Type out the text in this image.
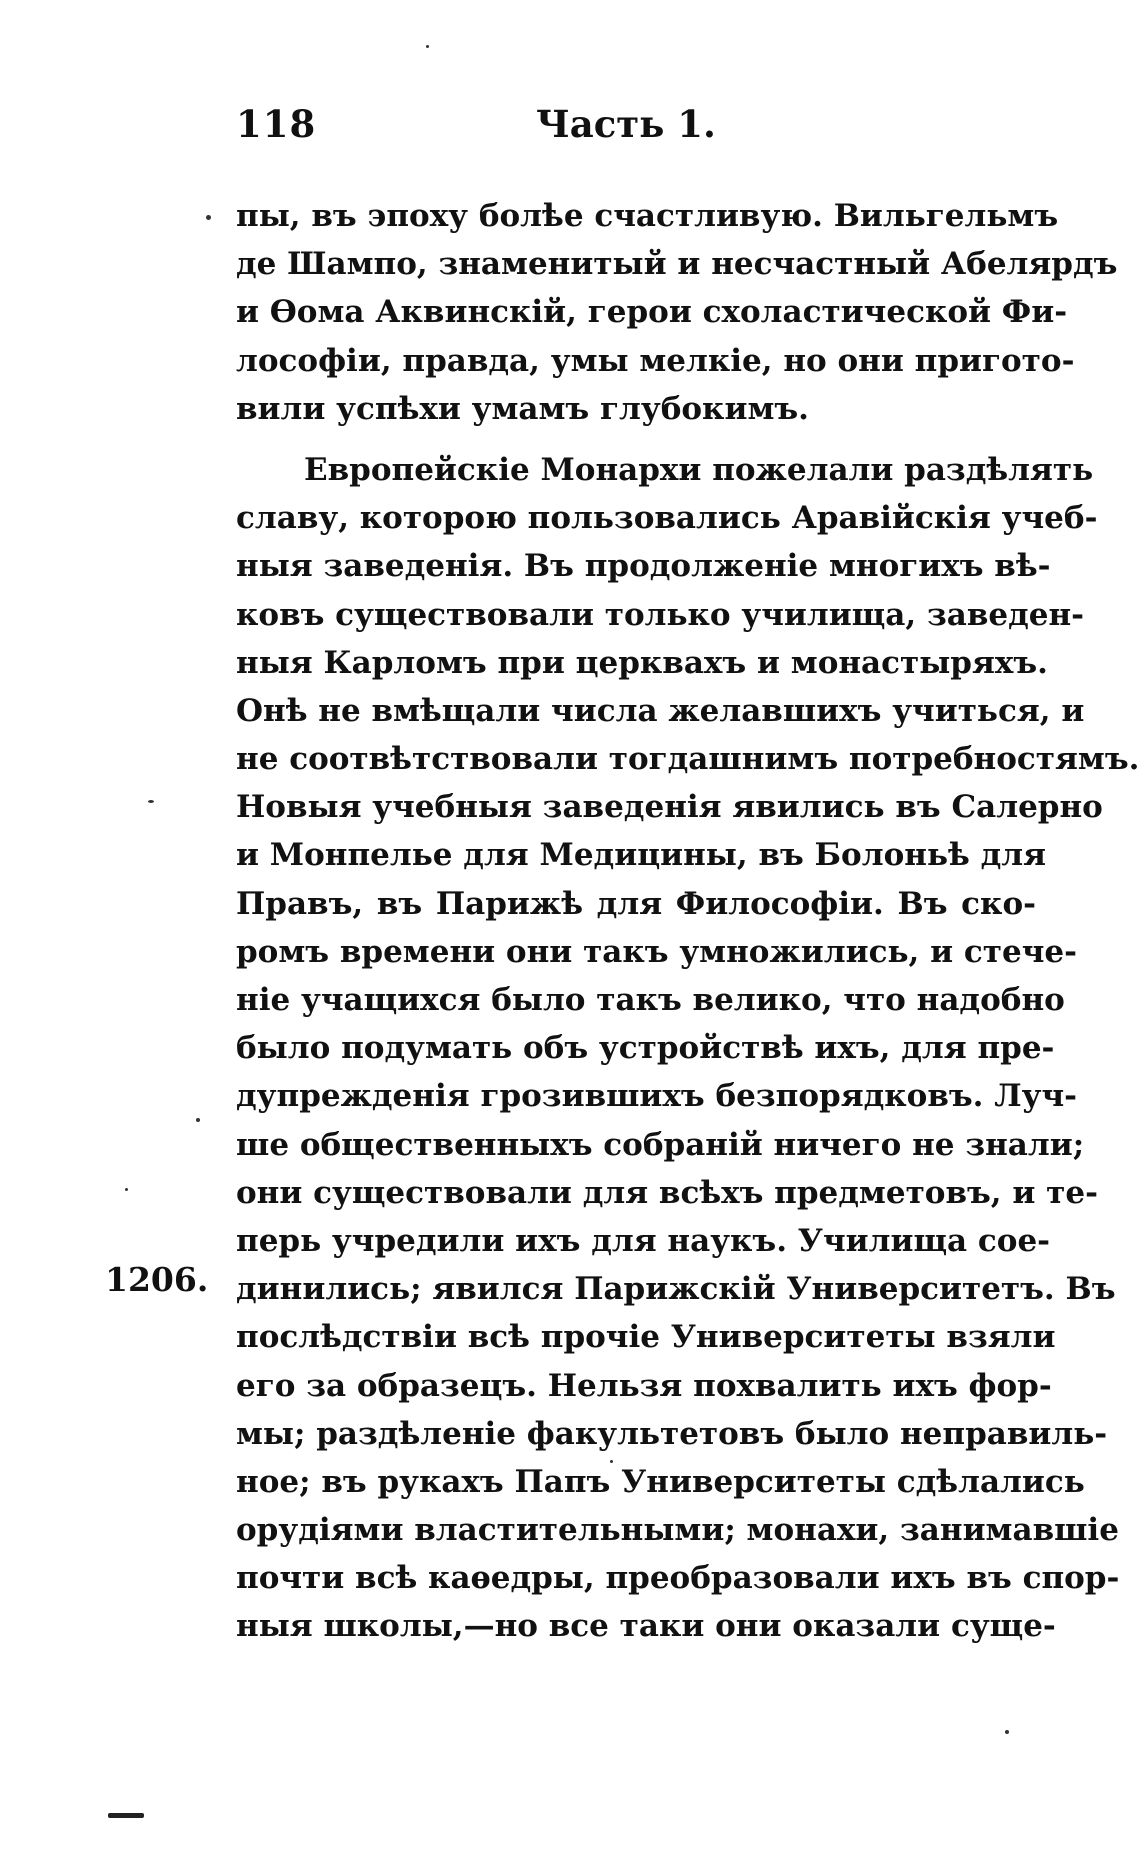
118	Часть 1.
1206.
пы, въ эпоху болѣе счастливую. Вильгельмъ
де Шампо, знаменитый и несчастный Абелярдъ
и Ѳома Аквинскій, герои схоластической Фи-
лософіи, правда, умы мелкіе, но они пригото-
вили успѣхи умамъ глубокимъ.
Европейскіе Монархи пожелали раздѣлять
славу, которою пользовались Аравійскія учеб-
ныя заведенія. Въ продолженіе многихъ вѣ-
ковъ существовали только училища, заведен-
ныя Карломъ при церквахъ и монастыряхъ.
Онѣ не вмѣщали числа желавшихъ учиться, и
не соотвѣтствовали тогдашнимъ потребностямъ.
Новыя учебныя заведенія явились въ Салерно
и Монпелье для Медицины, въ Болоньѣ для
Правъ, въ Парижѣ для Философіи. Въ ско-
ромъ времени они такъ умножились, и стече-
ніе учащихся было такъ велико, что надобно
было подумать объ устройствѣ ихъ, для пре-
дупрежденія грозившихъ безпорядковъ. Луч-
ше общественныхъ собраній ничего не знали;
они существовали для всѣхъ предметовъ, и те-
перь учредили ихъ для наукъ. Училища сое-
динились; явился Парижскій Университетъ. Въ
послѣдствіи всѣ прочіе Университеты взяли
его за образецъ. Нельзя похвалить ихъ фор-
мы; раздѣленіе факультетовъ было неправиль-
ное; въ рукахъ Папъ Университеты сдѣлались
орудіями властительными; монахи, занимавшіе
почти всѣ каѳедры, преобразовали ихъ въ спор-
ныя школы,—но все таки они оказали суще-
